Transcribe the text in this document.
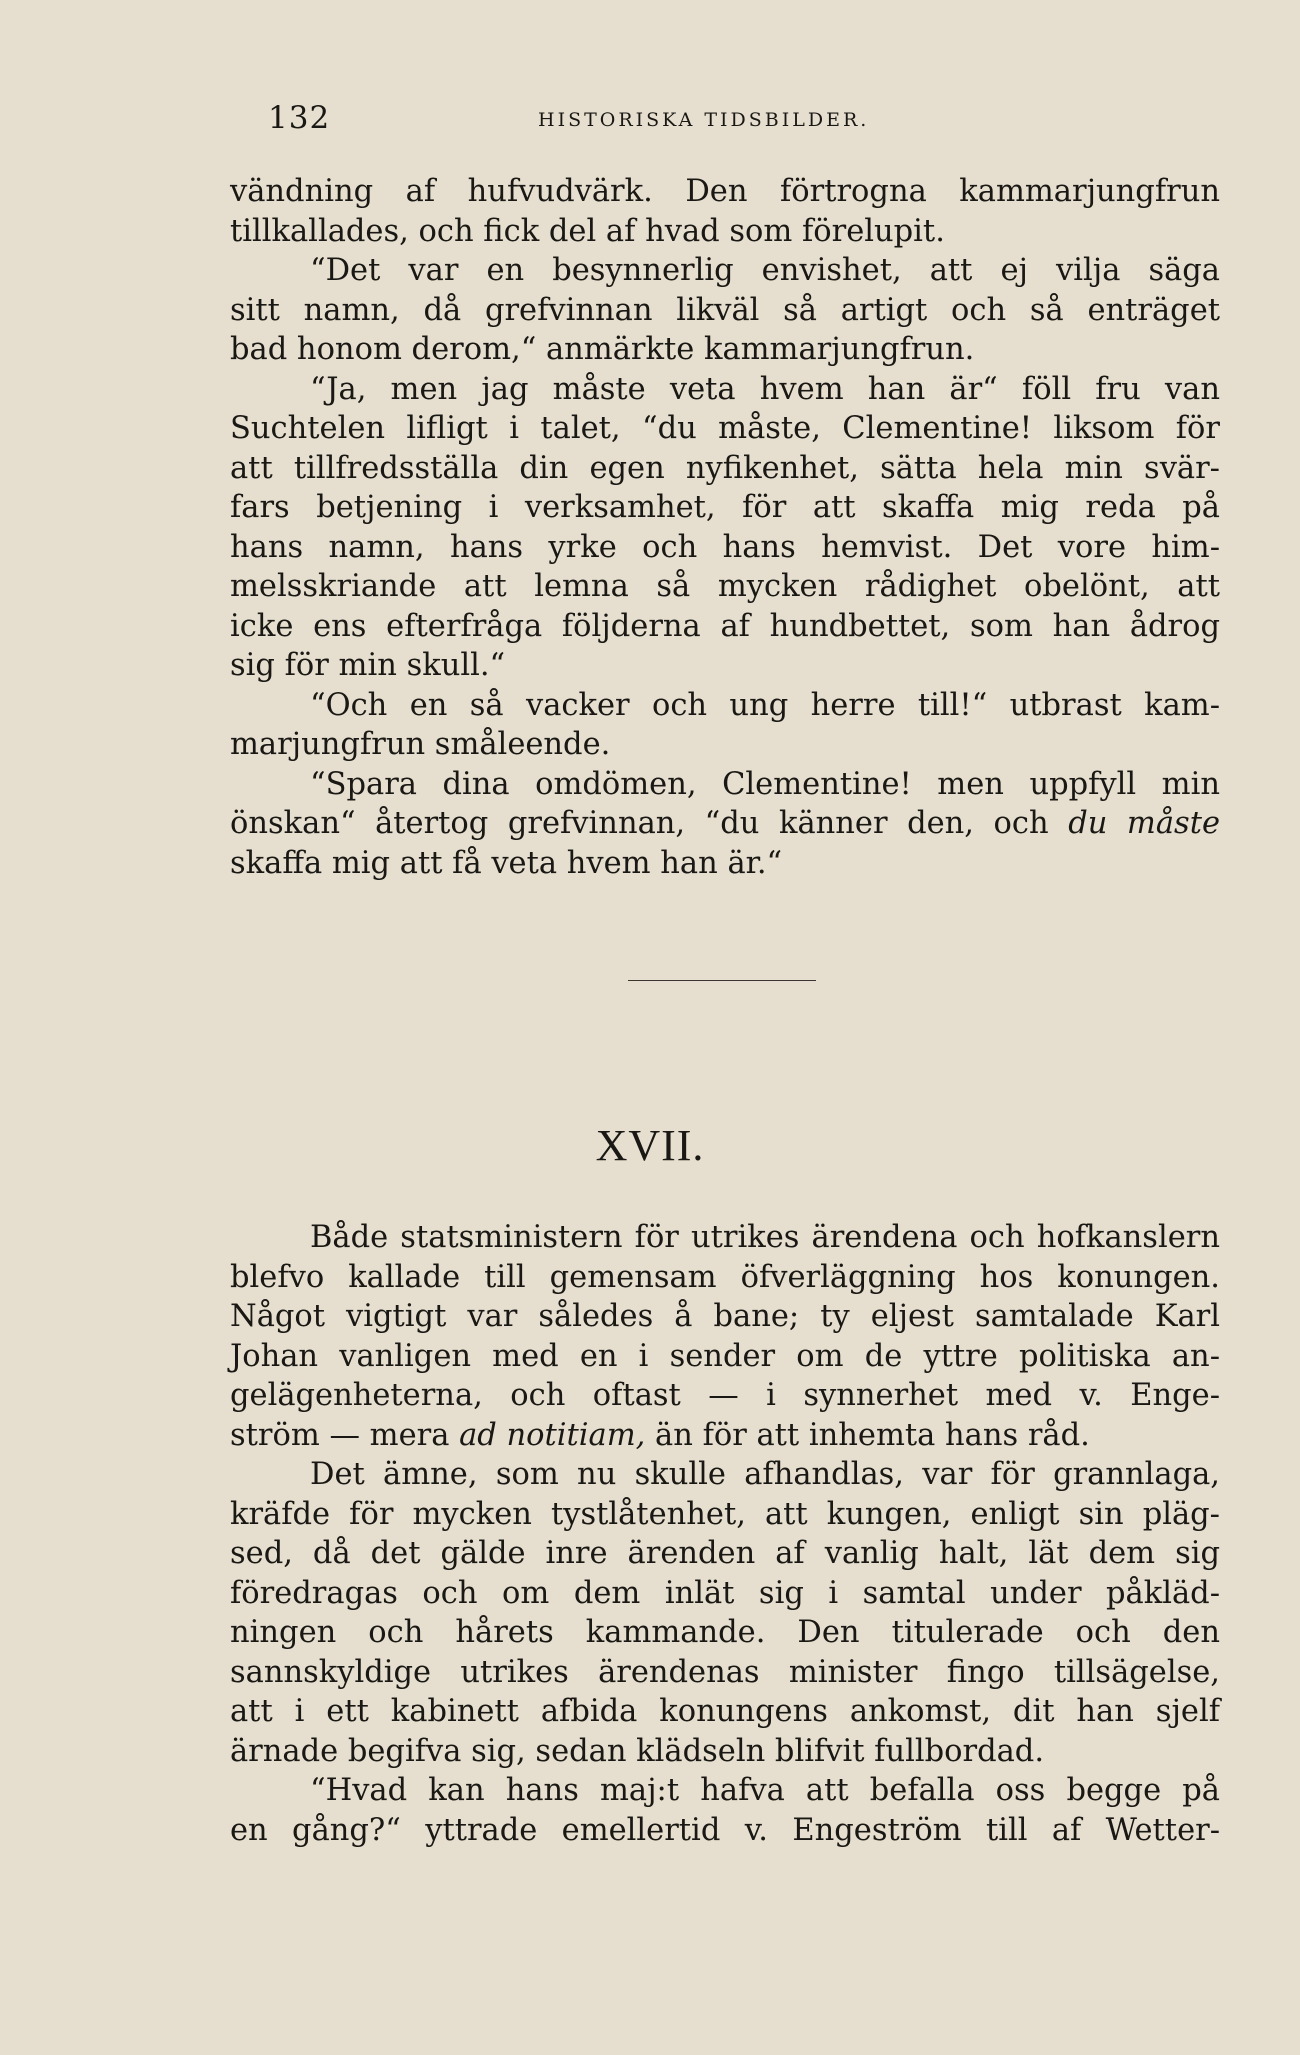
132	HISTORISKA TIDSBILDER.
vändning af hufvudvärk. Den förtrogna kammarjungfrun
tillkallades, och fick del af hvad som förelupit.
“Det var en besynnerlig envishet, att ej vilja säga
sitt namn, då grefvinnan likväl så artigt och så enträget
bad honom derom,“ anmärkte kammarjungfrun.
“Ja, men jag måste veta hvem han är“ föll fru van
Suchtelen lifligt i talet, “du måste, Clementine! liksom för
att tillfredsställa din egen nyfikenhet, sätta hela min svär-
fars betjening i verksamhet, för att skaffa mig reda på
hans namn, hans yrke och hans hemvist. Det vore him-
melsskriande att lemna så mycken rådighet obelönt, att
icke ens efterfråga följderna af hundbettet, som han ådrog
sig för min skull.“
“Och en så vacker och ung herre till!“ utbrast kam-
marjungfrun småleende.
“Spara dina omdömen, Clementine! men uppfyll min
önskan“ återtog grefvinnan, “du känner den, och du måste
skaffa mig att få veta hvem han är.“
XVII.
Både statsministern för utrikes ärendena och hofkanslern
blefvo kallade till gemensam öfverläggning hos konungen.
Något vigtigt var således å bane; ty eljest samtalade Karl
Johan vanligen med en i sender om de yttre politiska an-
gelägenheterna, och oftast — i synnerhet med v. Enge-
ström — mera ad notitiam, än för att inhemta hans råd.
Det ämne, som nu skulle afhandlas, var för grannlaga,
kräfde för mycken tystlåtenhet, att kungen, enligt sin pläg-
sed, då det gälde inre ärenden af vanlig halt, lät dem sig
föredragas och om dem inlät sig i samtal under påkläd-
ningen och hårets kammande. Den titulerade och den
sannskyldige utrikes ärendenas minister fingo tillsägelse,
att i ett kabinett afbida konungens ankomst, dit han sjelf
ärnade begifva sig, sedan klädseln blifvit fullbordad.
“Hvad kan hans maj:t hafva att befalla oss begge på
en gång?“ yttrade emellertid v. Engeström till af Wetter-
